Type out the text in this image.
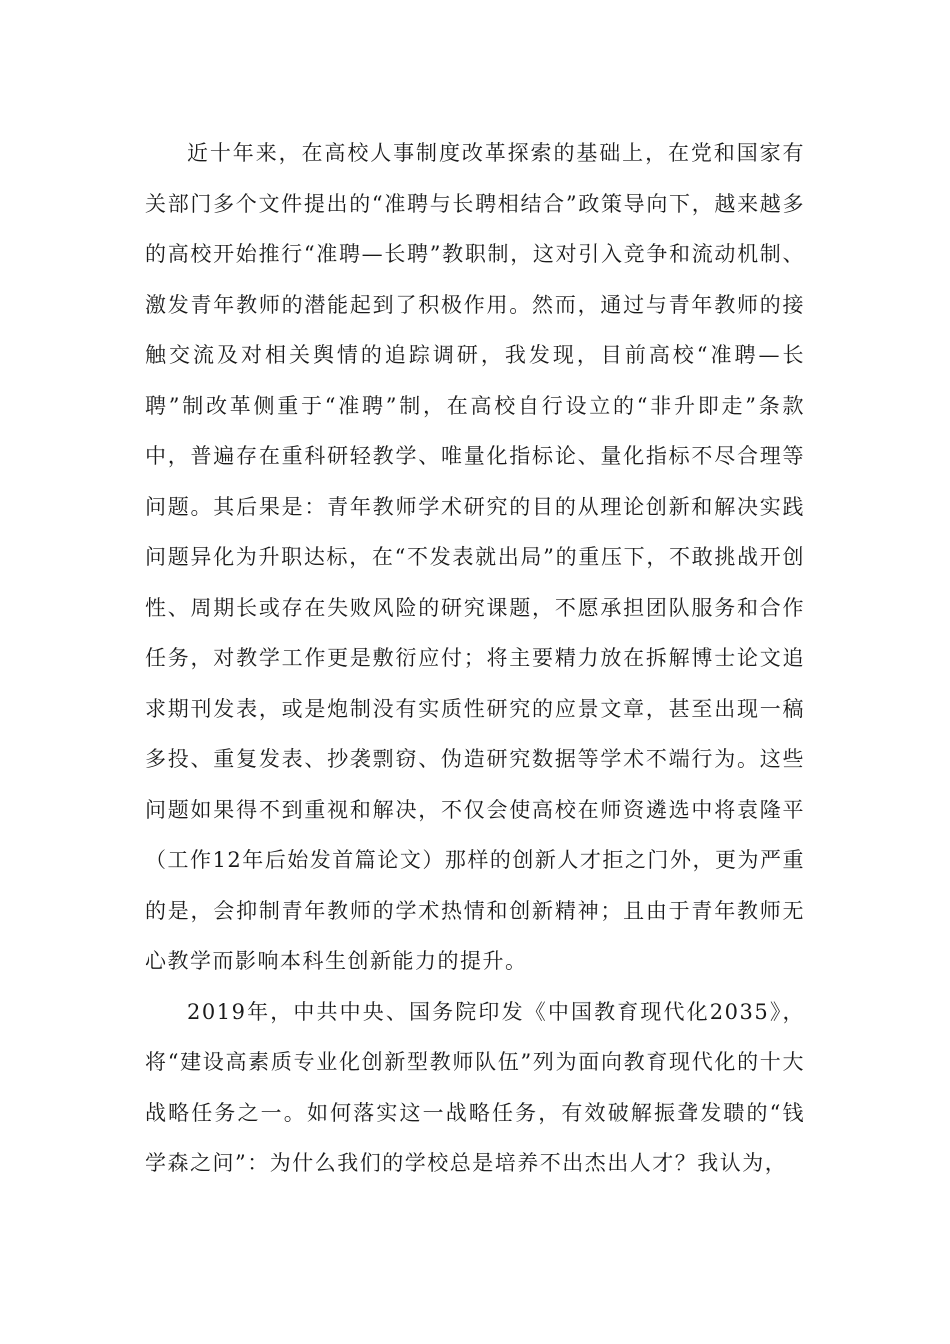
近十年来，在高校人事制度改革探索的基础上，在党和国家有关部门多个文件提出的“准聘与长聘相结合”政策导向下，越来越多的高校开始推行“准聘—长聘”教职制，这对引入竞争和流动机制、激发青年教师的潜能起到了积极作用。然而，通过与青年教师的接触交流及对相关舆情的追踪调研，我发现，目前高校“准聘—长聘”制改革侧重于“准聘”制，在高校自行设立的“非升即走”条款中，普遍存在重科研轻教学、唯量化指标论、量化指标不尽合理等问题。其后果是：青年教师学术研究的目的从理论创新和解决实践问题异化为升职达标，在“不发表就出局”的重压下，不敢挑战开创性、周期长或存在失败风险的研究课题，不愿承担团队服务和合作任务，对教学工作更是敷衍应付；将主要精力放在拆解博士论文追求期刊发表，或是炮制没有实质性研究的应景文章，甚至出现一稿多投、重复发表、抄袭剽窃、伪造研究数据等学术不端行为。这些问题如果得不到重视和解决，不仅会使高校在师资遴选中将袁隆平（工作12年后始发首篇论文）那样的创新人才拒之门外，更为严重的是，会抑制青年教师的学术热情和创新精神；且由于青年教师无心教学而影响本科生创新能力的提升。

2019年，中共中央、国务院印发《中国教育现代化2035》，将“建设高素质专业化创新型教师队伍”列为面向教育现代化的十大战略任务之一。如何落实这一战略任务，有效破解振聋发聩的“钱学森之问”：为什么我们的学校总是培养不出杰出人才？我认为，
